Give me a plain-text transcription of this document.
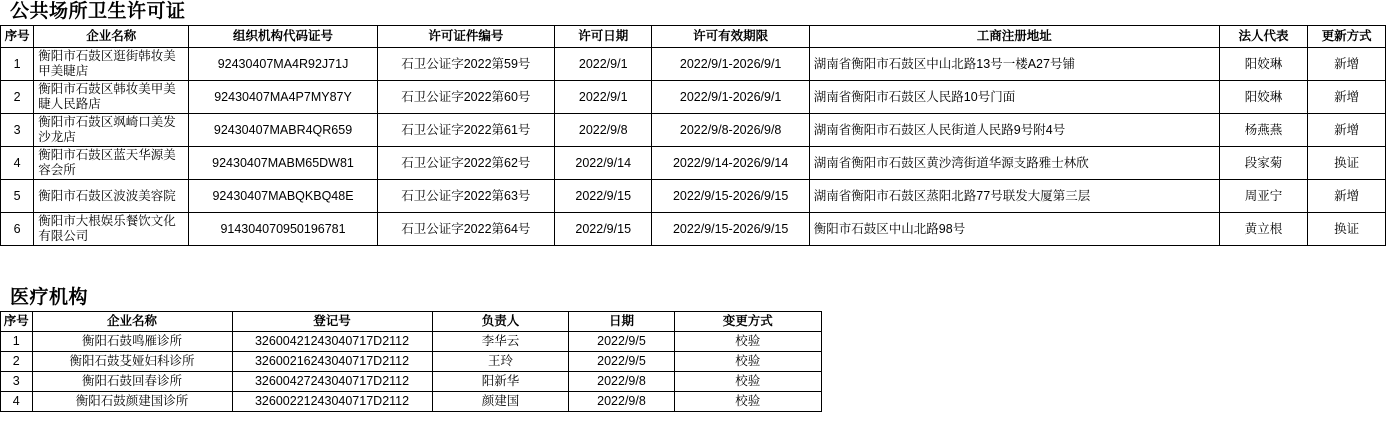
公共场所卫生许可证
序号	企业名称	组织机构代码证号	许可证件编号	许可日期	许可有效期限	工商注册地址	法人代表	更新方式
1	衡阳市石鼓区逛街韩妆美甲美睫店	92430407MA4R92J71J	石卫公证字2022第59号	2022/9/1	2022/9/1-2026/9/1	湖南省衡阳市石鼓区中山北路13号一楼A27号铺	阳姣琳	新增
2	衡阳市石鼓区韩妆美甲美睫人民路店	92430407MA4P7MY87Y	石卫公证字2022第60号	2022/9/1	2022/9/1-2026/9/1	湖南省衡阳市石鼓区人民路10号门面	阳姣琳	新增
3	衡阳市石鼓区飒崎口美发沙龙店	92430407MABR4QR659	石卫公证字2022第61号	2022/9/8	2022/9/8-2026/9/8	湖南省衡阳市石鼓区人民街道人民路9号附4号	杨燕燕	新增
4	衡阳市石鼓区蓝天华源美容会所	92430407MABM65DW81	石卫公证字2022第62号	2022/9/14	2022/9/14-2026/9/14	湖南省衡阳市石鼓区黄沙湾街道华源支路雅士林欣	段家菊	换证
5	衡阳市石鼓区波波美容院	92430407MABQKBQ48E	石卫公证字2022第63号	2022/9/15	2022/9/15-2026/9/15	湖南省衡阳市石鼓区蒸阳北路77号联发大厦第三层	周亚宁	新增
6	衡阳市大根娱乐餐饮文化有限公司	914304070950196781	石卫公证字2022第64号	2022/9/15	2022/9/15-2026/9/15	衡阳市石鼓区中山北路98号	黄立根	换证
医疗机构
序号	企业名称	登记号	负责人	日期	变更方式
1	衡阳石鼓鸣雁诊所	32600421243040717D2112	李华云	2022/9/5	校验
2	衡阳石鼓芟娅妇科诊所	32600216243040717D2112	王玲	2022/9/5	校验
3	衡阳石鼓回春诊所	32600427243040717D2112	阳新华	2022/9/8	校验
4	衡阳石鼓颜建国诊所	32600221243040717D2112	颜建国	2022/9/8	校验
